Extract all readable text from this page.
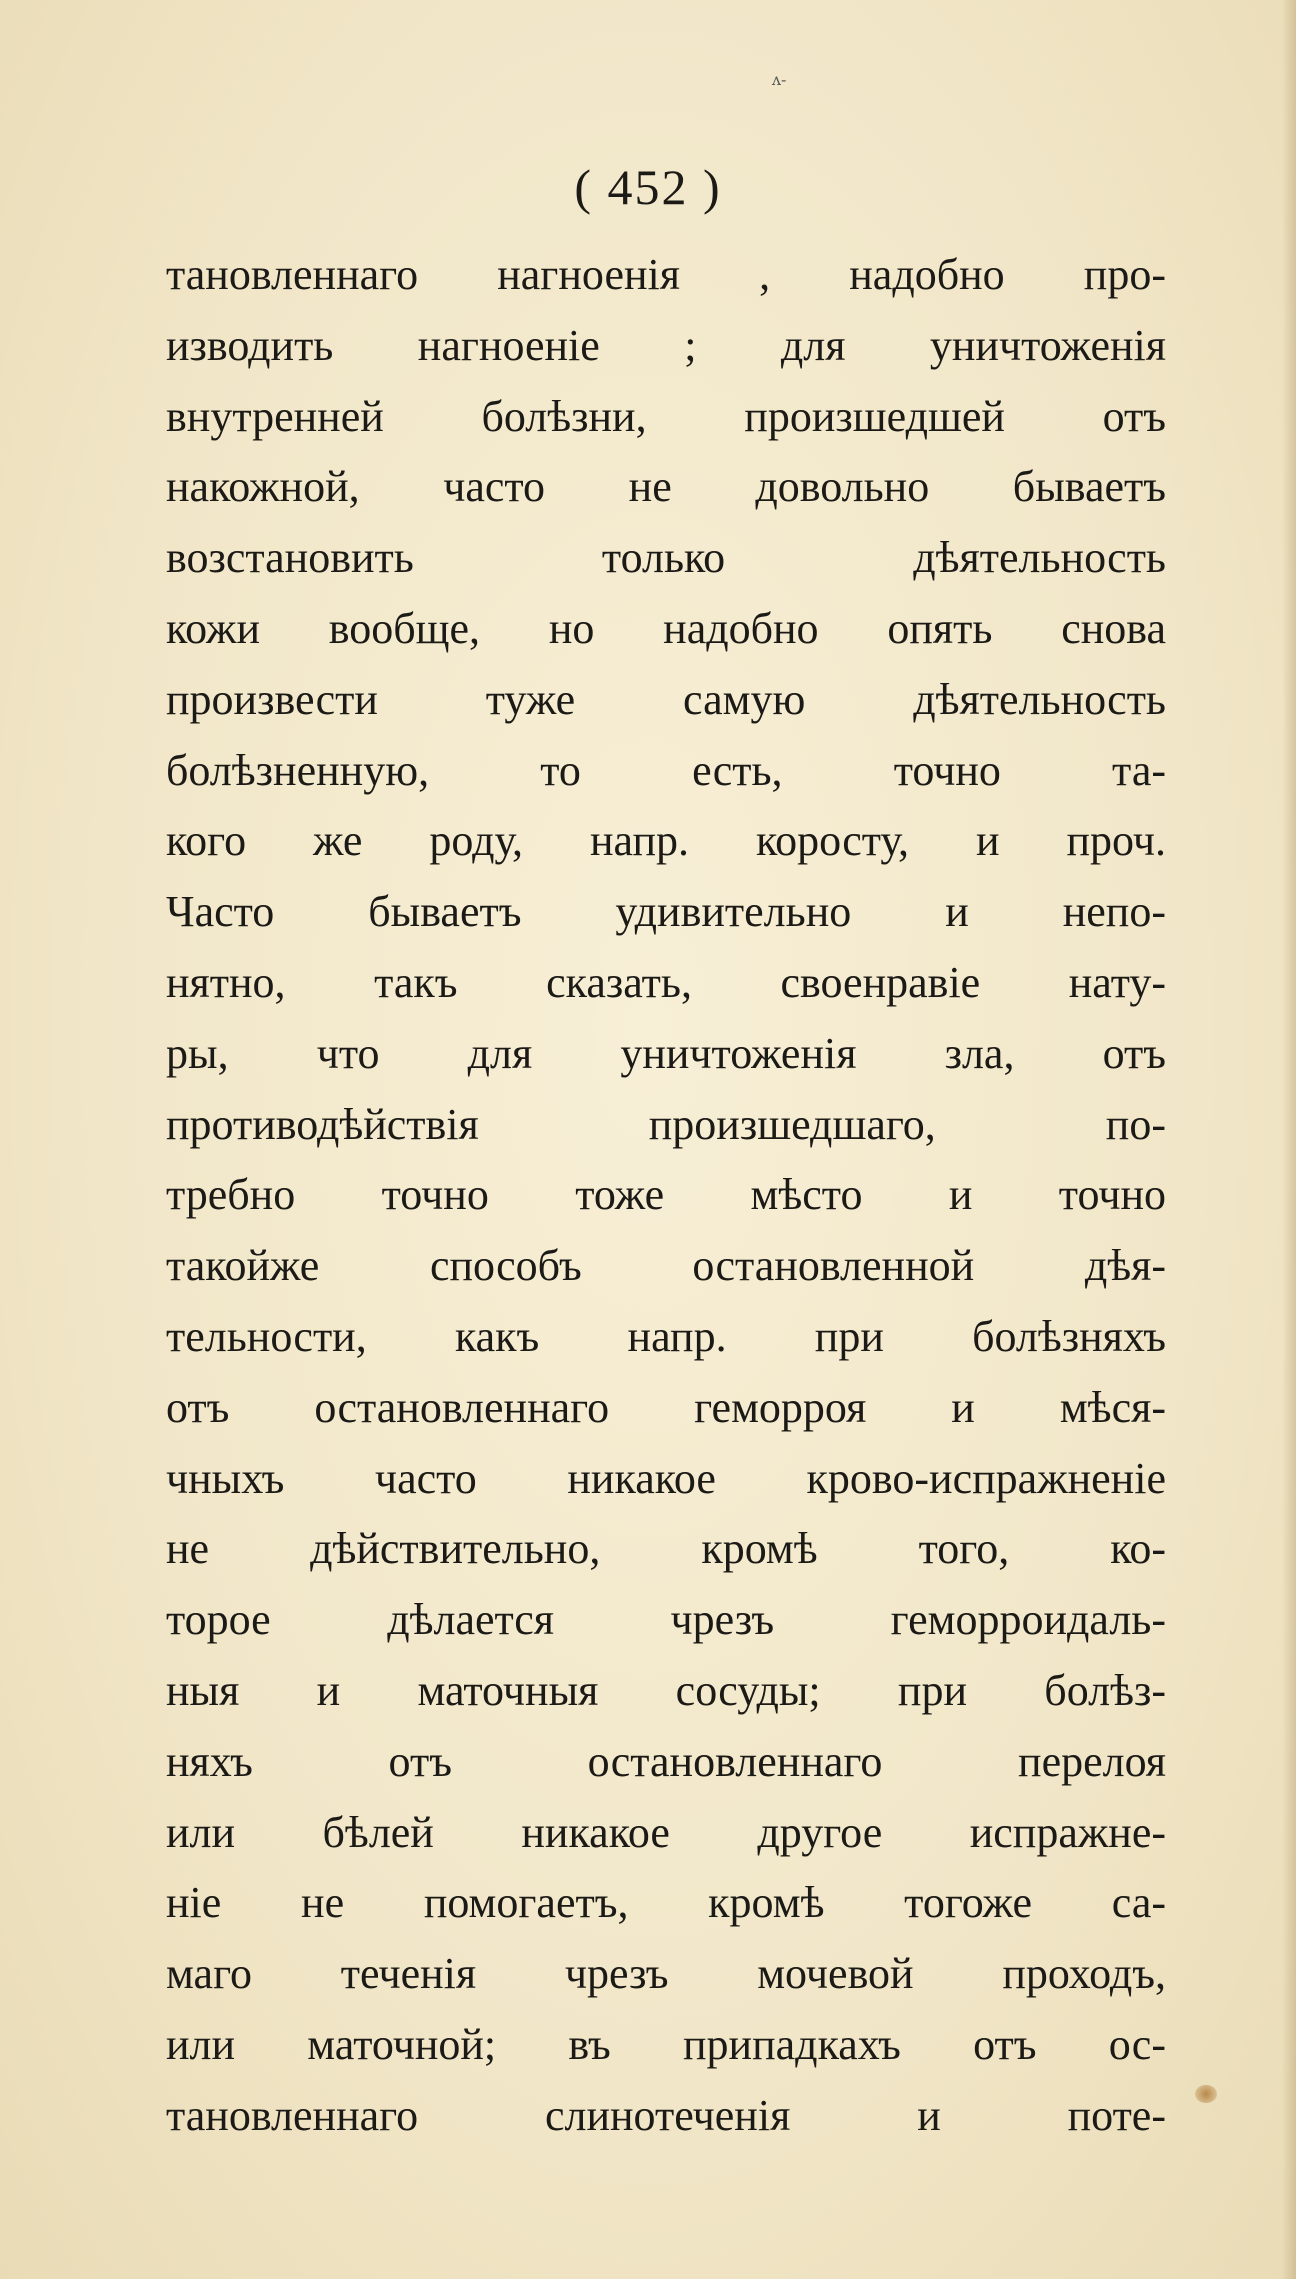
ʌ-
( 452 )
тановленнаго нагноенія , надобно про-
изводить нагноеніе ; для уничтоженія
внутренней болѣзни, произшедшей отъ
накожной, часто не довольно бываетъ
возстановить только дѣятельность
кожи вообще, но надобно опять снова
произвести туже самую дѣятельность
болѣзненную, то есть, точно та-
кого же роду, напр. коросту, и проч.
Часто бываетъ удивительно и непо-
нятно, такъ сказать, своенравіе нату-
ры, что для уничтоженія зла, отъ
противодѣйствія произшедшаго, по-
требно точно тоже мѣсто и точно
такойже способъ остановленной дѣя-
тельности, какъ напр. при болѣзняхъ
отъ остановленнаго геморроя и мѣся-
чныхъ часто никакое крово-испражненіе
не дѣйствительно, кромѣ того, ко-
торое дѣлается чрезъ геморроидаль-
ныя и маточныя сосуды; при болѣз-
няхъ отъ остановленнаго перелоя
или бѣлей никакое другое испражне-
ніе не помогаетъ, кромѣ тогоже са-
маго теченія чрезъ мочевой проходъ,
или маточной; въ припадкахъ отъ ос-
тановленнаго слинотеченія и поте-
